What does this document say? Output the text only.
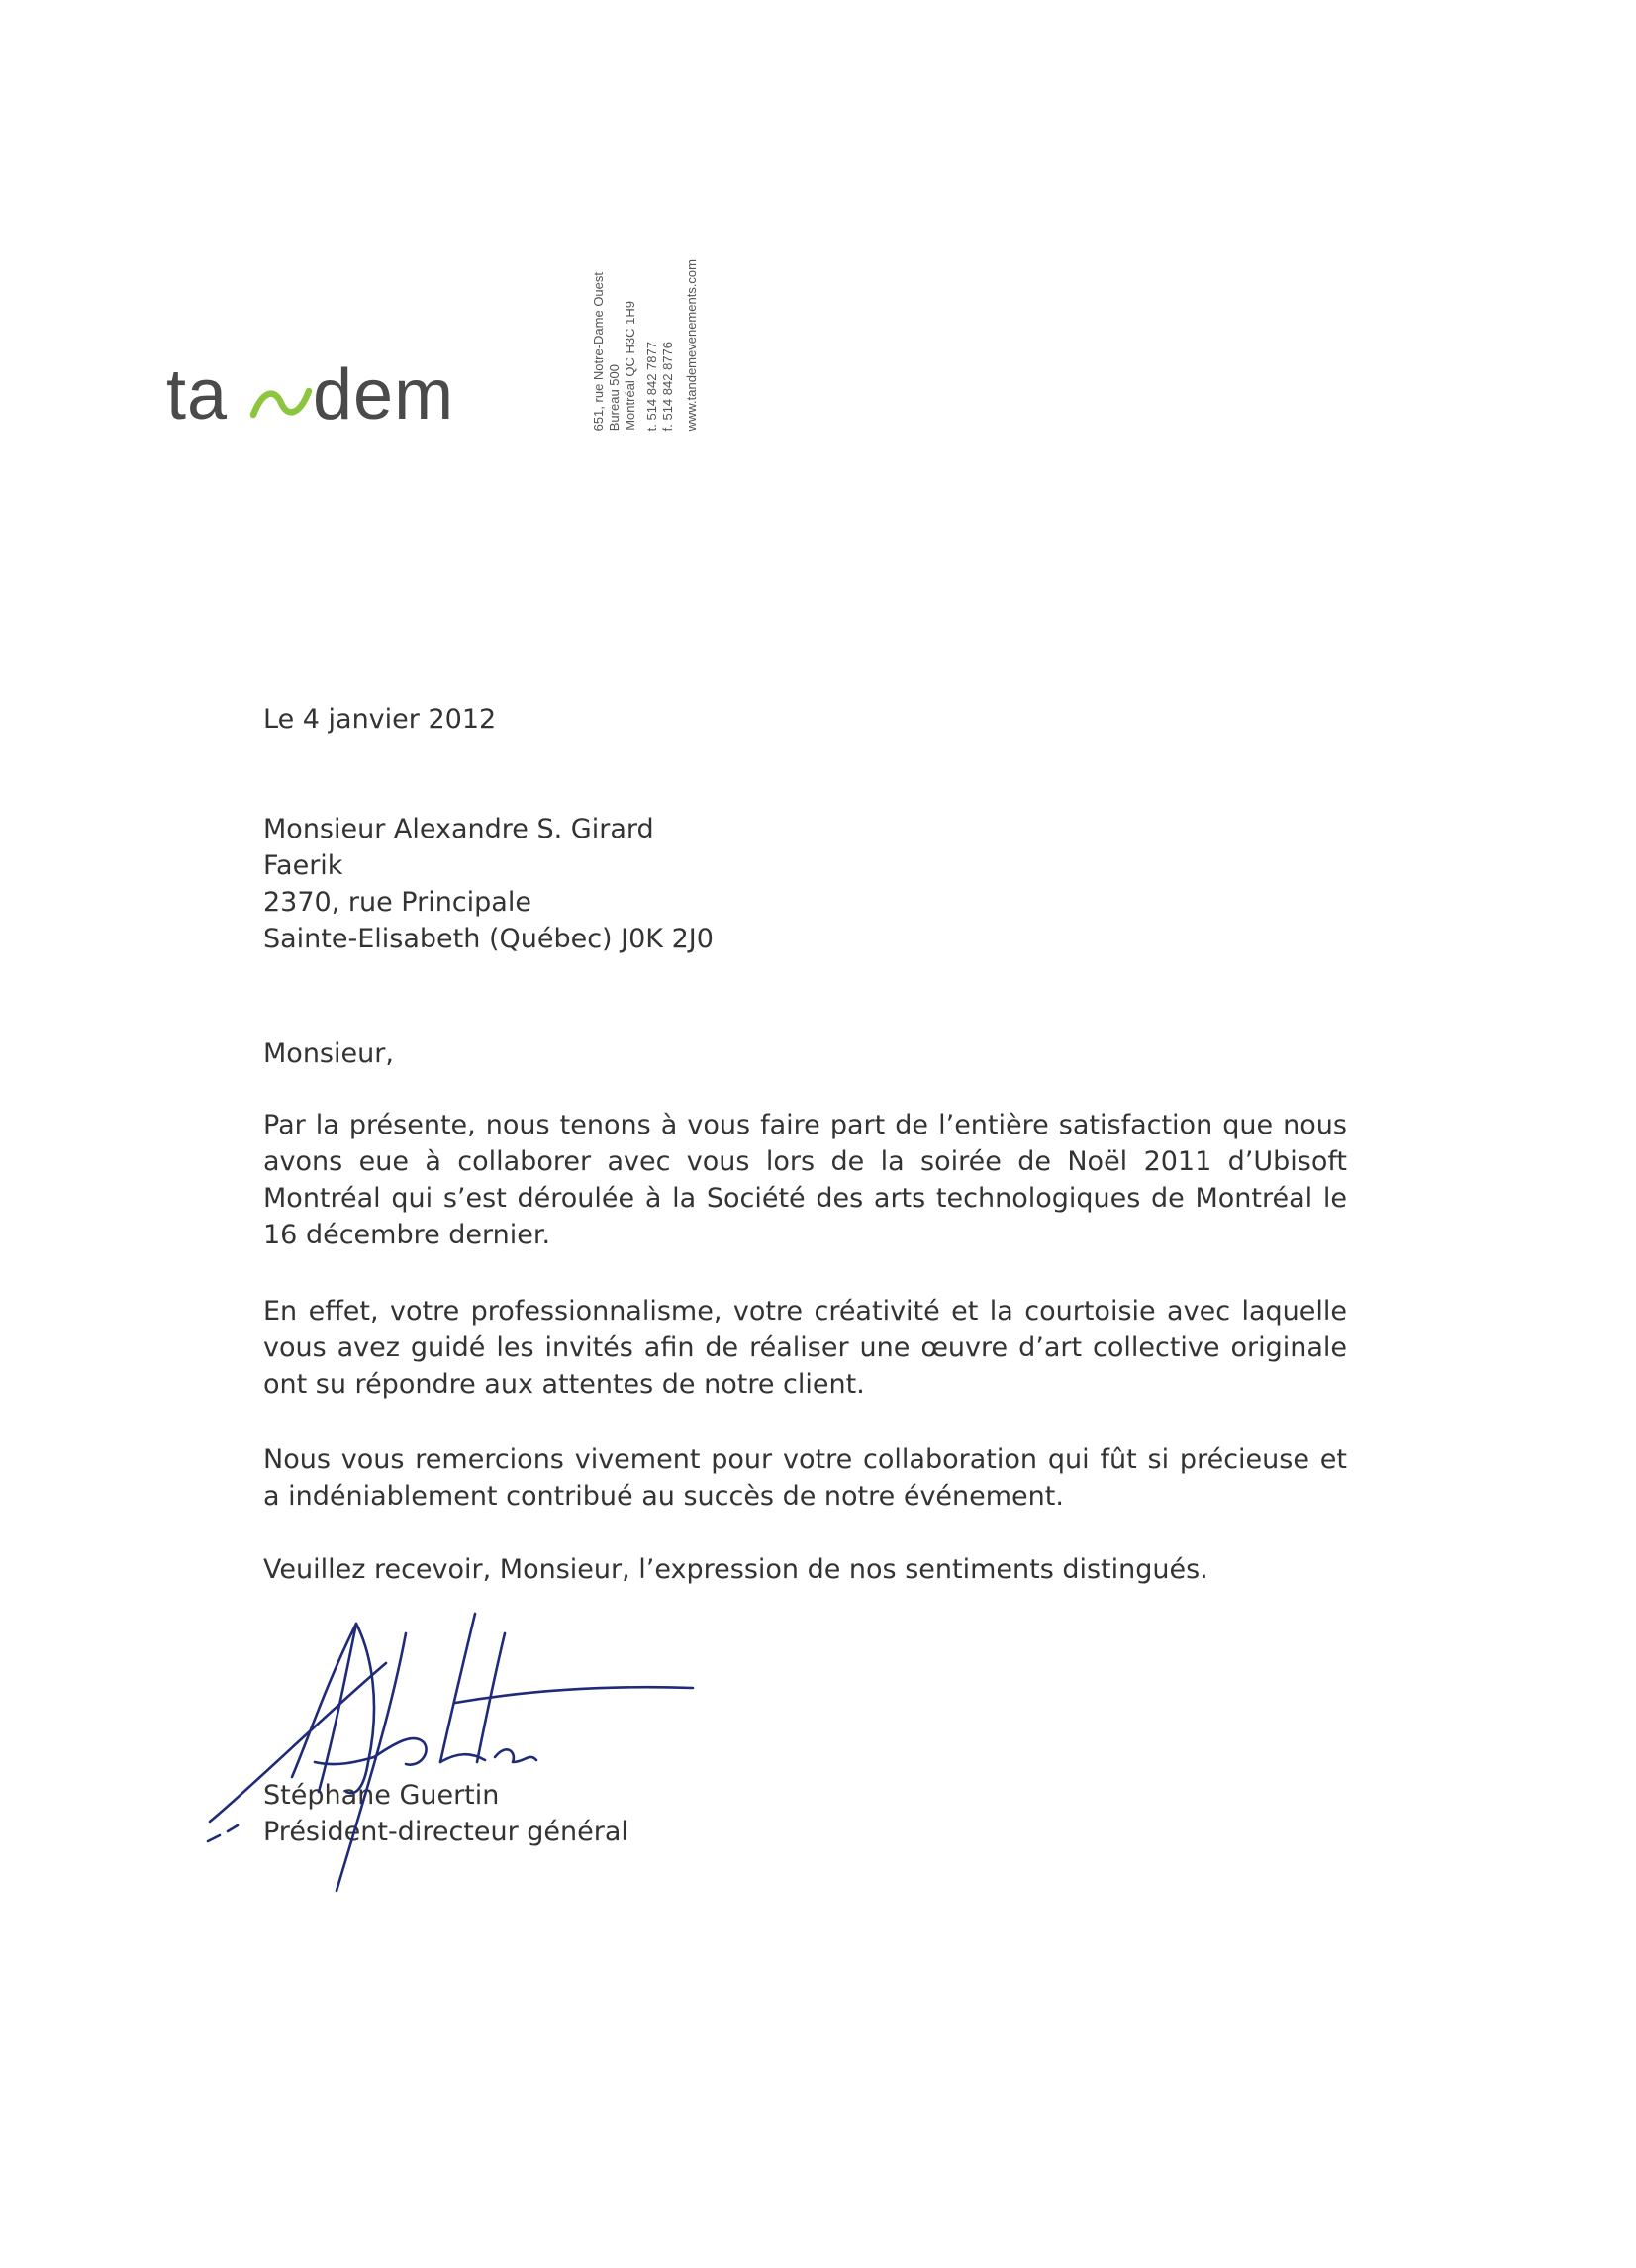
ta dem	651, rue Notre-Dame Ouest Bureau 500 Montréal QC H3C 1H9 t. 514 842 7877 f. 514 842 8776 www.tandemevenements.com
Le 4 janvier 2012
Monsieur Alexandre S. Girard
Faerik
2370, rue Principale
Sainte-Elisabeth (Québec) J0K 2J0
Monsieur,
Par la présente, nous tenons à vous faire part de l’entière satisfaction que nous avons eue à collaborer avec vous lors de la soirée de Noël 2011 d’Ubisoft Montréal qui s’est déroulée à la Société des arts technologiques de Montréal le 16 décembre dernier.
En effet, votre professionnalisme, votre créativité et la courtoisie avec laquelle vous avez guidé les invités afin de réaliser une œuvre d’art collective originale ont su répondre aux attentes de notre client.
Nous vous remercions vivement pour votre collaboration qui fût si précieuse et a indéniablement contribué au succès de notre événement.
Veuillez recevoir, Monsieur, l’expression de nos sentiments distingués.
Stéphane Guertin
Président-directeur général
